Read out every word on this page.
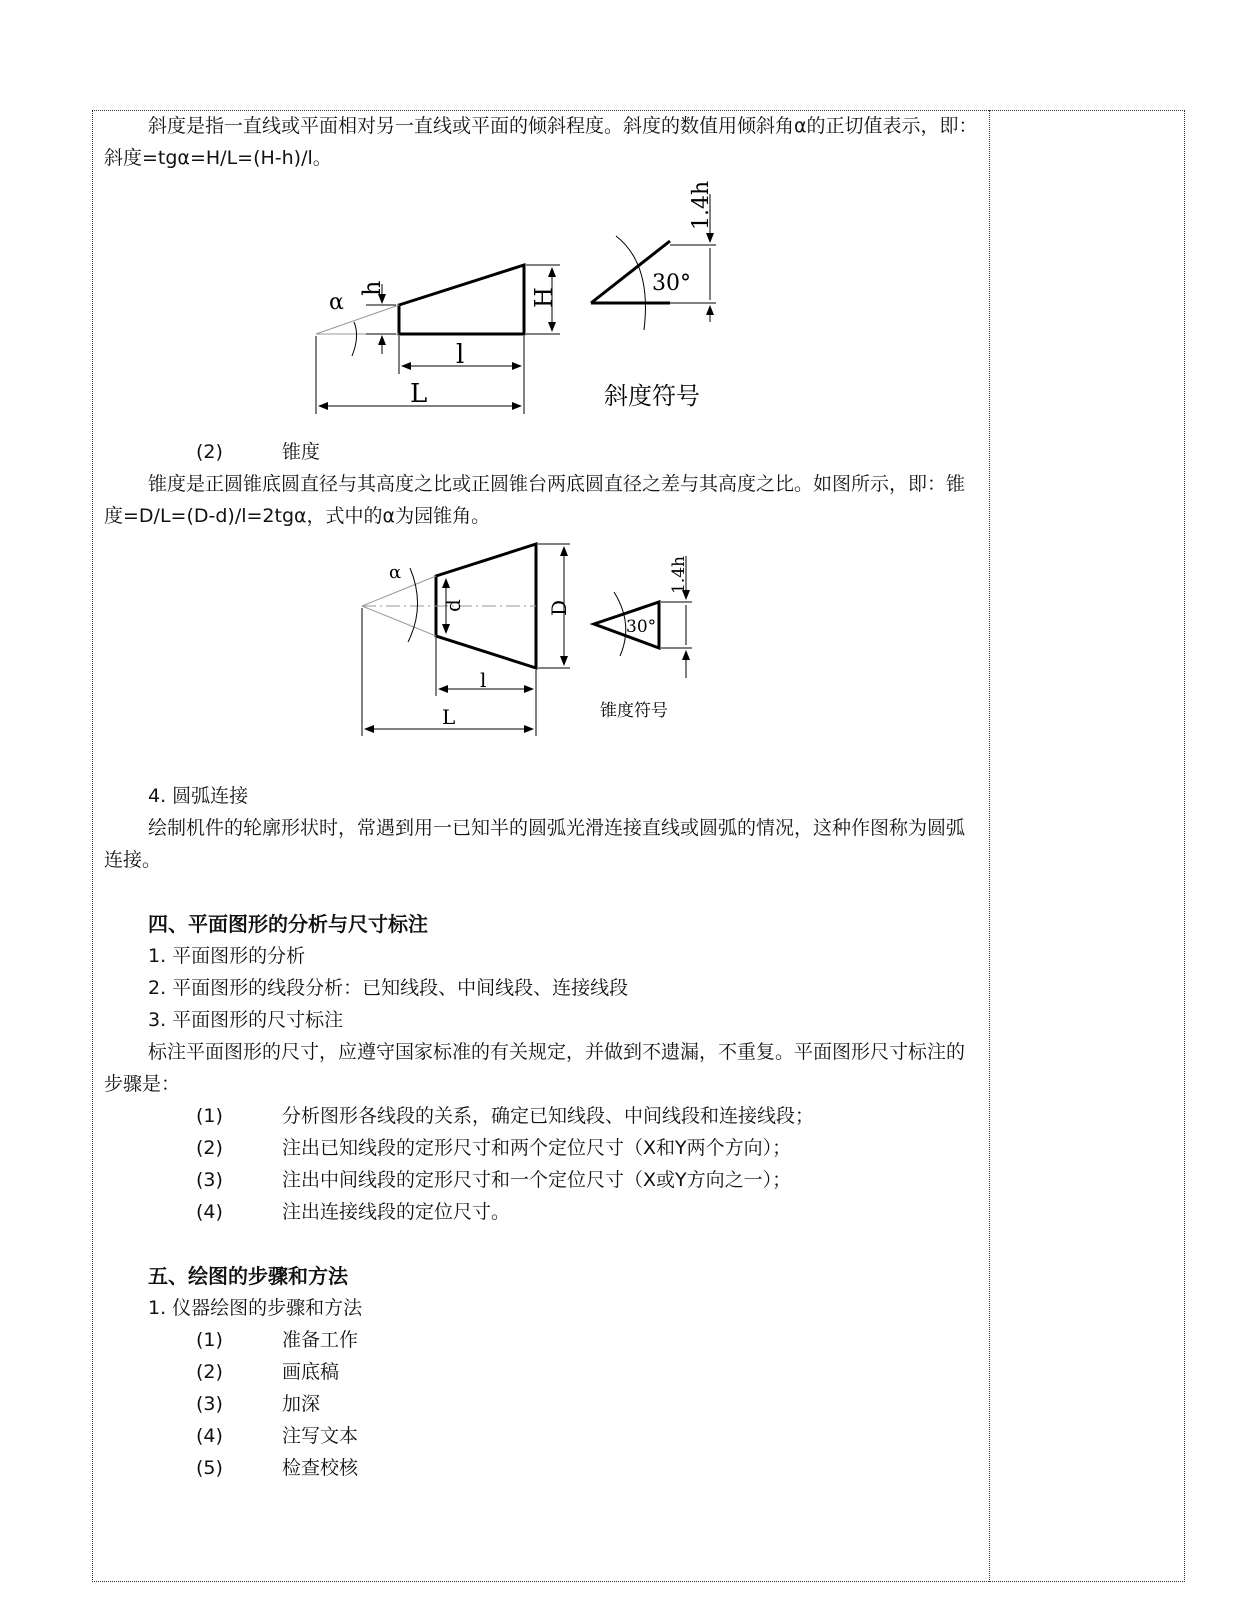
斜度是指一直线或平面相对另一直线或平面的倾斜程度。斜度的数值用倾斜角α的正切值表示，即：斜度=tgα=H/L=(H-h)/l。

α
h
l
L
H
30°
1.4h
斜度符号

(2)	锥度

锥度是正圆锥底圆直径与其高度之比或正圆锥台两底圆直径之差与其高度之比。如图所示，即：锥度=D/L=(D-d)/l=2tgα，式中的α为园锥角。

α
d	D
l
L
30°
1.4h
锥度符号

4. 圆弧连接

绘制机件的轮廓形状时，常遇到用一已知半的圆弧光滑连接直线或圆弧的情况，这种作图称为圆弧连接。

四、平面图形的分析与尺寸标注

1. 平面图形的分析

2. 平面图形的线段分析：已知线段、中间线段、连接线段

3. 平面图形的尺寸标注

标注平面图形的尺寸，应遵守国家标准的有关规定，并做到不遗漏，不重复。平面图形尺寸标注的步骤是：

(1)	分析图形各线段的关系，确定已知线段、中间线段和连接线段；
(2)	注出已知线段的定形尺寸和两个定位尺寸（X和Y两个方向）；
(3)	注出中间线段的定形尺寸和一个定位尺寸（X或Y方向之一）；
(4)	注出连接线段的定位尺寸。

五、绘图的步骤和方法

1. 仪器绘图的步骤和方法

(1)	准备工作
(2)	画底稿
(3)	加深
(4)	注写文本
(5)	检查校核
